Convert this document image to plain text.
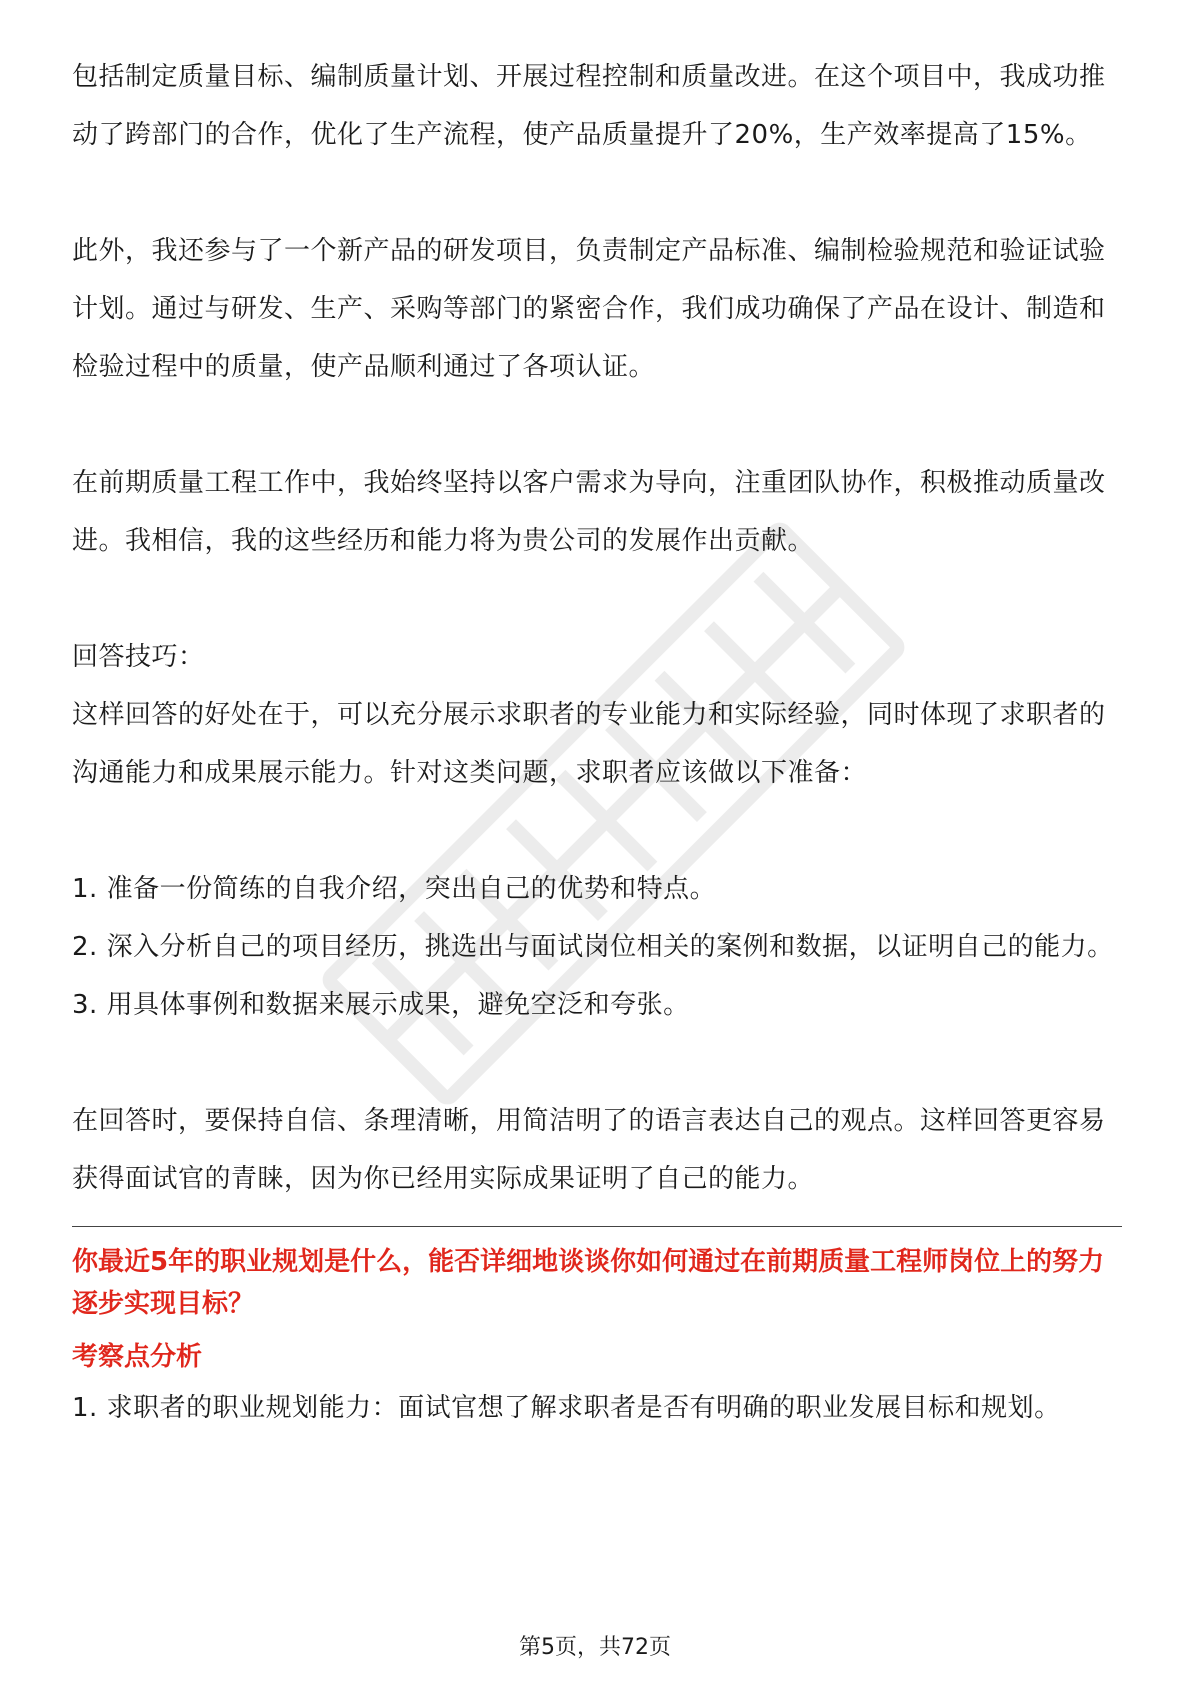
包括制定质量目标、编制质量计划、开展过程控制和质量改进。在这个项目中，我成功推动了跨部门的合作，优化了生产流程，使产品质量提升了20%，生产效率提高了15%。

此外，我还参与了一个新产品的研发项目，负责制定产品标准、编制检验规范和验证试验计划。通过与研发、生产、采购等部门的紧密合作，我们成功确保了产品在设计、制造和检验过程中的质量，使产品顺利通过了各项认证。

在前期质量工程工作中，我始终坚持以客户需求为导向，注重团队协作，积极推动质量改进。我相信，我的这些经历和能力将为贵公司的发展作出贡献。

回答技巧：

这样回答的好处在于，可以充分展示求职者的专业能力和实际经验，同时体现了求职者的沟通能力和成果展示能力。针对这类问题，求职者应该做以下准备：

1. 准备一份简练的自我介绍，突出自己的优势和特点。

2. 深入分析自己的项目经历，挑选出与面试岗位相关的案例和数据，以证明自己的能力。

3. 用具体事例和数据来展示成果，避免空泛和夸张。

在回答时，要保持自信、条理清晰，用简洁明了的语言表达自己的观点。这样回答更容易获得面试官的青睐，因为你已经用实际成果证明了自己的能力。

你最近5年的职业规划是什么，能否详细地谈谈你如何通过在前期质量工程师岗位上的努力逐步实现目标？

考察点分析

1. 求职者的职业规划能力：面试官想了解求职者是否有明确的职业发展目标和规划。

第5页，共72页
